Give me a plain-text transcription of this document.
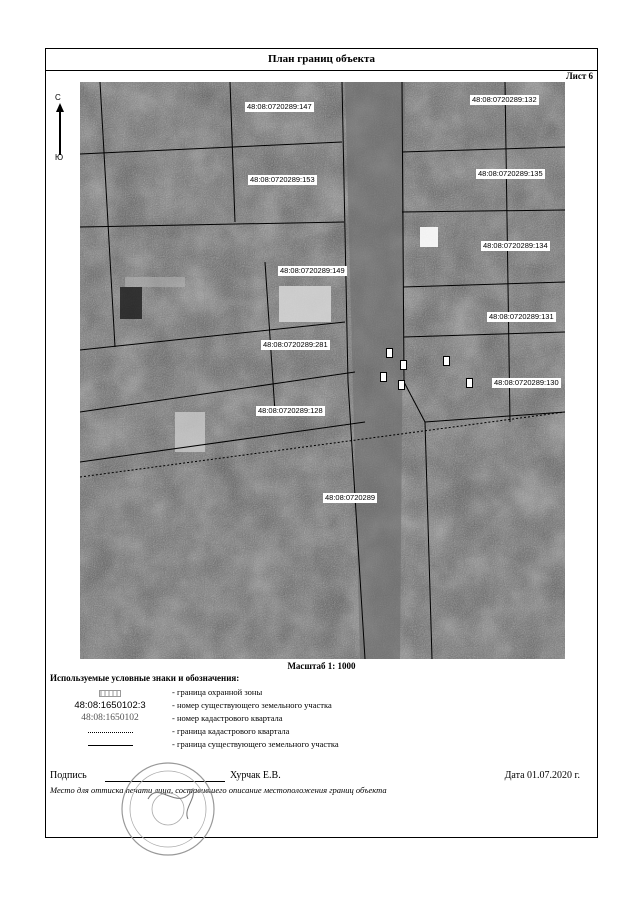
План границ объекта
Лист 6
С
Ю
48:08:0720289:147
48:08:0720289:132
48:08:0720289:153
48:08:0720289:135
48:08:0720289:134
48:08:0720289:149
48:08:0720289:131
48:08:0720289:281
48:08:0720289:130
48:08:0720289:128
48:08:0720289

Масштаб 1: 1000
Используемые условные знаки и обозначения:
- граница охранной зоны
48:08:1650102:3	- номер существующего земельного участка
48:08:1650102	- номер кадастрового квартала
- граница кадастрового квартала
- граница существующего земельного участка
Подпись	Хурчак Е.В.	Дата 01.07.2020 г.
Место для оттиска печати лица, составившего описание местоположения границ объекта
